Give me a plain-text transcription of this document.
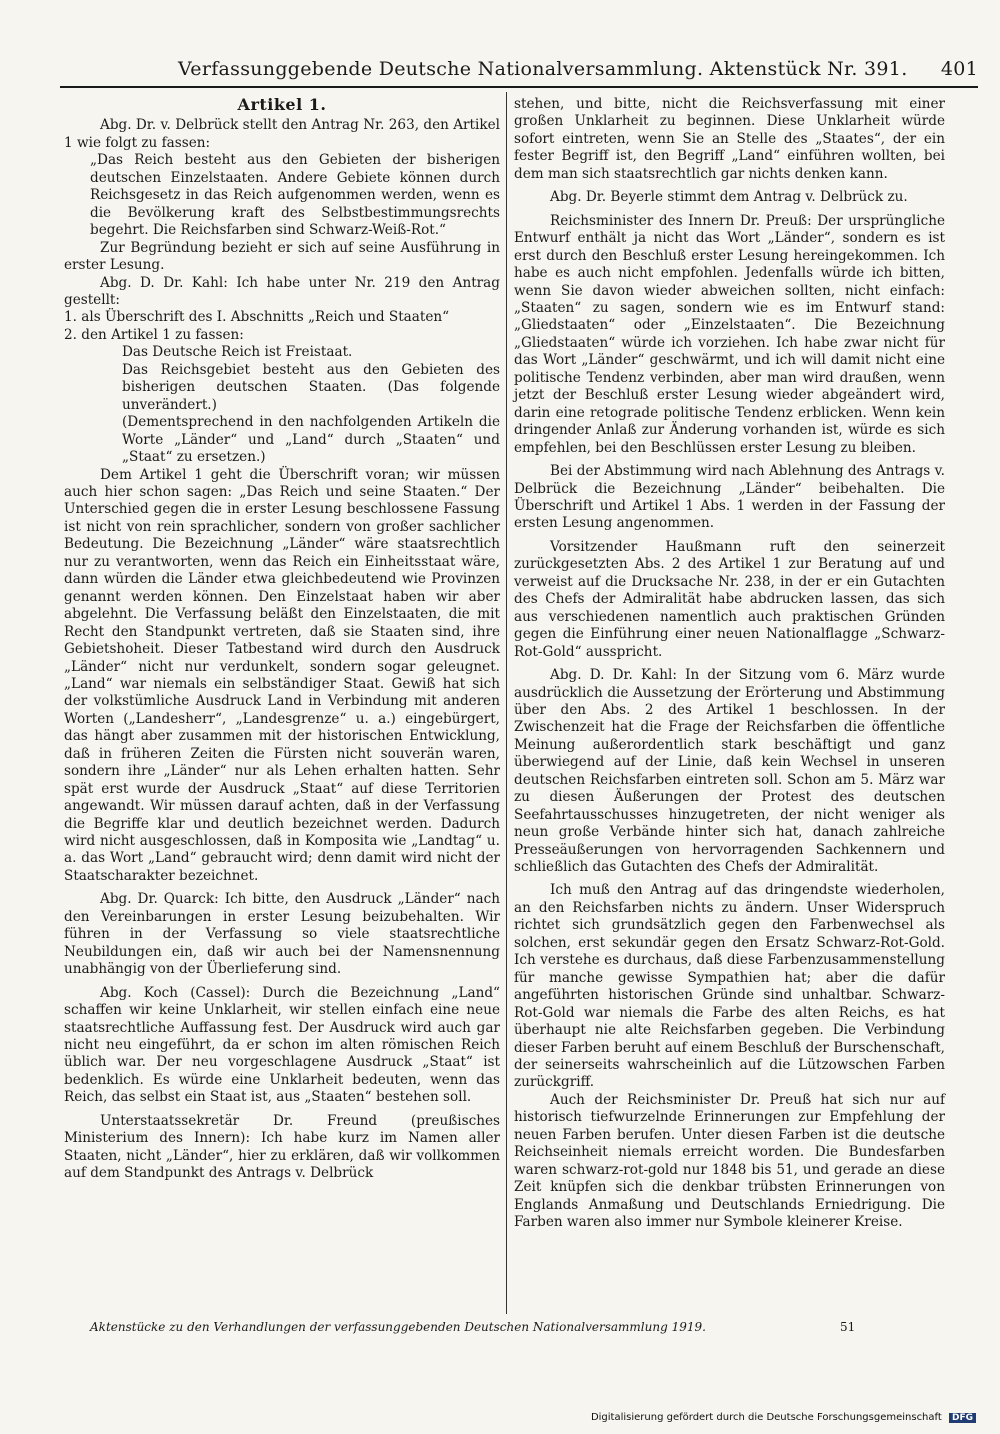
Verfassunggebende Deutsche Nationalversammlung. Aktenstück Nr. 391. 401
Artikel 1.

Abg. Dr. v. Delbrück stellt den Antrag Nr. 263, den Artikel 1 wie folgt zu fassen:

„Das Reich besteht aus den Gebieten der bisherigen deutschen Einzelstaaten. Andere Gebiete können durch Reichsgesetz in das Reich aufgenommen werden, wenn es die Bevölkerung kraft des Selbstbestimmungsrechts begehrt. Die Reichsfarben sind Schwarz-Weiß-Rot.“

Zur Begründung bezieht er sich auf seine Ausführung in erster Lesung.

Abg. D. Dr. Kahl: Ich habe unter Nr. 219 den Antrag gestellt:

1. als Überschrift des I. Abschnitts „Reich und Staaten“

2. den Artikel 1 zu fassen:

Das Deutsche Reich ist Freistaat.

Das Reichsgebiet besteht aus den Gebieten des bisherigen deutschen Staaten. (Das folgende unverändert.)

(Dementsprechend in den nachfolgenden Artikeln die Worte „Länder“ und „Land“ durch „Staaten“ und „Staat“ zu ersetzen.)

Dem Artikel 1 geht die Überschrift voran; wir müssen auch hier schon sagen: „Das Reich und seine Staaten.“ Der Unterschied gegen die in erster Lesung beschlossene Fassung ist nicht von rein sprachlicher, sondern von großer sachlicher Bedeutung. Die Bezeichnung „Länder“ wäre staatsrechtlich nur zu verantworten, wenn das Reich ein Einheitsstaat wäre, dann würden die Länder etwa gleichbedeutend wie Provinzen genannt werden können. Den Einzelstaat haben wir aber abgelehnt. Die Verfassung beläßt den Einzelstaaten, die mit Recht den Standpunkt vertreten, daß sie Staaten sind, ihre Gebietshoheit. Dieser Tatbestand wird durch den Ausdruck „Länder“ nicht nur verdunkelt, sondern sogar geleugnet. „Land“ war niemals ein selbständiger Staat. Gewiß hat sich der volkstümliche Ausdruck Land in Verbindung mit anderen Worten („Landesherr“, „Landesgrenze“ u. a.) eingebürgert, das hängt aber zusammen mit der historischen Entwicklung, daß in früheren Zeiten die Fürsten nicht souverän waren, sondern ihre „Länder“ nur als Lehen erhalten hatten. Sehr spät erst wurde der Ausdruck „Staat“ auf diese Territorien angewandt. Wir müssen darauf achten, daß in der Verfassung die Begriffe klar und deutlich bezeichnet werden. Dadurch wird nicht ausgeschlossen, daß in Komposita wie „Landtag“ u. a. das Wort „Land“ gebraucht wird; denn damit wird nicht der Staatscharakter bezeichnet.

Abg. Dr. Quarck: Ich bitte, den Ausdruck „Länder“ nach den Vereinbarungen in erster Lesung beizubehalten. Wir führen in der Verfassung so viele staatsrechtliche Neubildungen ein, daß wir auch bei der Namensnennung unabhängig von der Überlieferung sind.

Abg. Koch (Cassel): Durch die Bezeichnung „Land“ schaffen wir keine Unklarheit, wir stellen einfach eine neue staatsrechtliche Auffassung fest. Der Ausdruck wird auch gar nicht neu eingeführt, da er schon im alten römischen Reich üblich war. Der neu vorgeschlagene Ausdruck „Staat“ ist bedenklich. Es würde eine Unklarheit bedeuten, wenn das Reich, das selbst ein Staat ist, aus „Staaten“ bestehen soll.

Unterstaatssekretär Dr. Freund (preußisches Ministerium des Innern): Ich habe kurz im Namen aller Staaten, nicht „Länder“, hier zu erklären, daß wir vollkommen auf dem Standpunkt des Antrags v. Delbrück

stehen, und bitte, nicht die Reichsverfassung mit einer großen Unklarheit zu beginnen. Diese Unklarheit würde sofort eintreten, wenn Sie an Stelle des „Staates“, der ein fester Begriff ist, den Begriff „Land“ einführen wollten, bei dem man sich staatsrechtlich gar nichts denken kann.

Abg. Dr. Beyerle stimmt dem Antrag v. Delbrück zu.

Reichsminister des Innern Dr. Preuß: Der ursprüngliche Entwurf enthält ja nicht das Wort „Länder“, sondern es ist erst durch den Beschluß erster Lesung hereingekommen. Ich habe es auch nicht empfohlen. Jedenfalls würde ich bitten, wenn Sie davon wieder abweichen sollten, nicht einfach: „Staaten“ zu sagen, sondern wie es im Entwurf stand: „Gliedstaaten“ oder „Einzelstaaten“. Die Bezeichnung „Gliedstaaten“ würde ich vorziehen. Ich habe zwar nicht für das Wort „Länder“ geschwärmt, und ich will damit nicht eine politische Tendenz verbinden, aber man wird draußen, wenn jetzt der Beschluß erster Lesung wieder abgeändert wird, darin eine retograde politische Tendenz erblicken. Wenn kein dringender Anlaß zur Änderung vorhanden ist, würde es sich empfehlen, bei den Beschlüssen erster Lesung zu bleiben.

Bei der Abstimmung wird nach Ablehnung des Antrags v. Delbrück die Bezeichnung „Länder“ beibehalten. Die Überschrift und Artikel 1 Abs. 1 werden in der Fassung der ersten Lesung angenommen.

Vorsitzender Haußmann ruft den seinerzeit zurückgesetzten Abs. 2 des Artikel 1 zur Beratung auf und verweist auf die Drucksache Nr. 238, in der er ein Gutachten des Chefs der Admiralität habe abdrucken lassen, das sich aus verschiedenen namentlich auch praktischen Gründen gegen die Einführung einer neuen Nationalflagge „Schwarz-Rot-Gold“ ausspricht.

Abg. D. Dr. Kahl: In der Sitzung vom 6. März wurde ausdrücklich die Aussetzung der Erörterung und Abstimmung über den Abs. 2 des Artikel 1 beschlossen. In der Zwischenzeit hat die Frage der Reichsfarben die öffentliche Meinung außerordentlich stark beschäftigt und ganz überwiegend auf der Linie, daß kein Wechsel in unseren deutschen Reichsfarben eintreten soll. Schon am 5. März war zu diesen Äußerungen der Protest des deutschen Seefahrtausschusses hinzugetreten, der nicht weniger als neun große Verbände hinter sich hat, danach zahlreiche Presseäußerungen von hervorragenden Sachkennern und schließlich das Gutachten des Chefs der Admiralität.

Ich muß den Antrag auf das dringendste wiederholen, an den Reichsfarben nichts zu ändern. Unser Widerspruch richtet sich grundsätzlich gegen den Farbenwechsel als solchen, erst sekundär gegen den Ersatz Schwarz-Rot-Gold. Ich verstehe es durchaus, daß diese Farbenzusammenstellung für manche gewisse Sympathien hat; aber die dafür angeführten historischen Gründe sind unhaltbar. Schwarz-Rot-Gold war niemals die Farbe des alten Reichs, es hat überhaupt nie alte Reichsfarben gegeben. Die Verbindung dieser Farben beruht auf einem Beschluß der Burschenschaft, der seinerseits wahrscheinlich auf die Lützowschen Farben zurückgriff.

Auch der Reichsminister Dr. Preuß hat sich nur auf historisch tiefwurzelnde Erinnerungen zur Empfehlung der neuen Farben berufen. Unter diesen Farben ist die deutsche Reichseinheit niemals erreicht worden. Die Bundesfarben waren schwarz-rot-gold nur 1848 bis 51, und gerade an diese Zeit knüpfen sich die denkbar trübsten Erinnerungen von Englands Anmaßung und Deutschlands Erniedrigung. Die Farben waren also immer nur Symbole kleinerer Kreise.

Aktenstücke zu den Verhandlungen der verfassunggebenden Deutschen Nationalversammlung 1919.	51
Digitalisierung gefördert durch die Deutsche Forschungsgemeinschaft DFG
